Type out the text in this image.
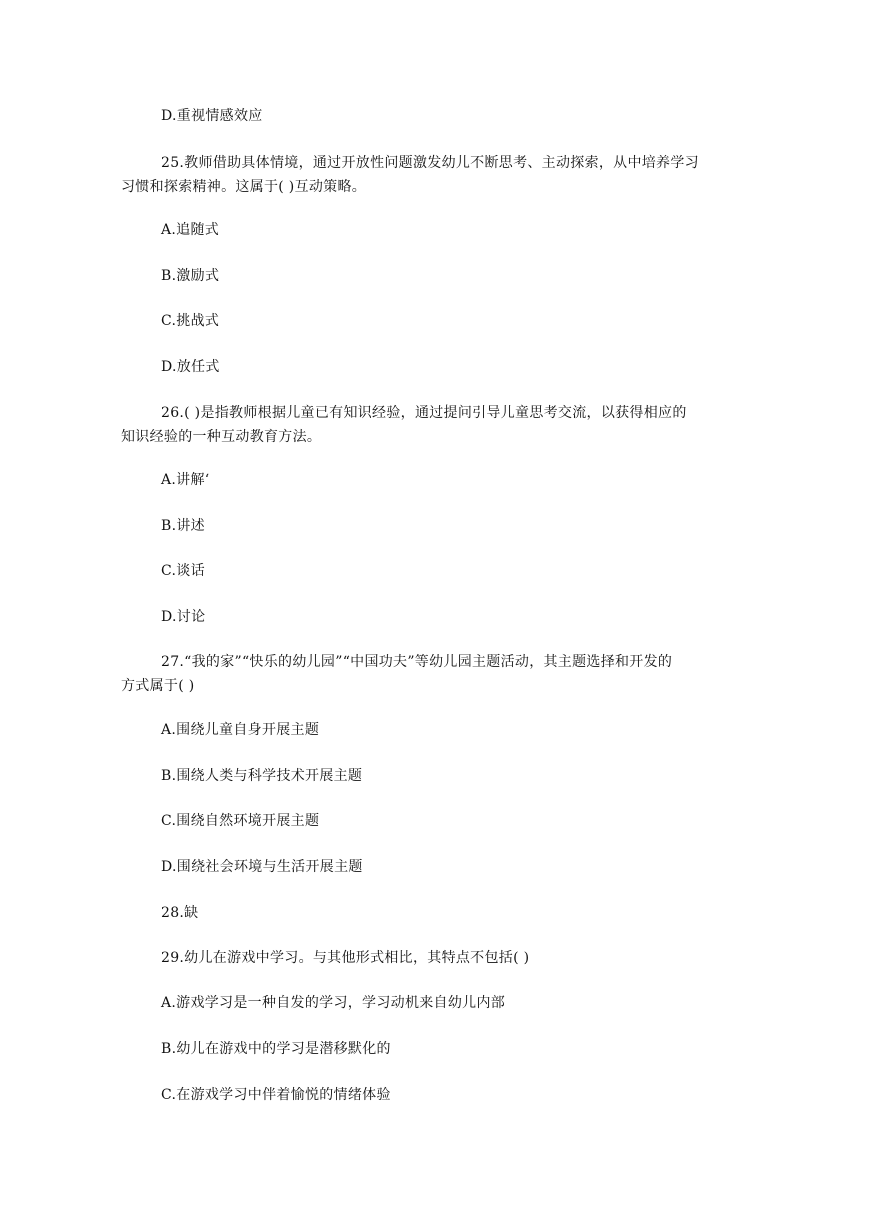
D.重视情感效应
25.教师借助具体情境，通过开放性问题激发幼儿不断思考、主动探索，从中培养学习
习惯和探索精神。这属于( )互动策略。
A.追随式
B.激励式
C.挑战式
D.放任式
26.( )是指教师根据儿童已有知识经验，通过提问引导儿童思考交流，以获得相应的
知识经验的一种互动教育方法。
A.讲解‘
B.讲述
C.谈话
D.讨论
27.“我的家”“快乐的幼儿园”“中国功夫”等幼儿园主题活动，其主题选择和开发的
方式属于( )
A.围绕儿童自身开展主题
B.围绕人类与科学技术开展主题
C.围绕自然环境开展主题
D.围绕社会环境与生活开展主题
28.缺
29.幼儿在游戏中学习。与其他形式相比，其特点不包括( )
A.游戏学习是一种自发的学习，学习动机来自幼儿内部
B.幼儿在游戏中的学习是潜移默化的
C.在游戏学习中伴着愉悦的情绪体验
